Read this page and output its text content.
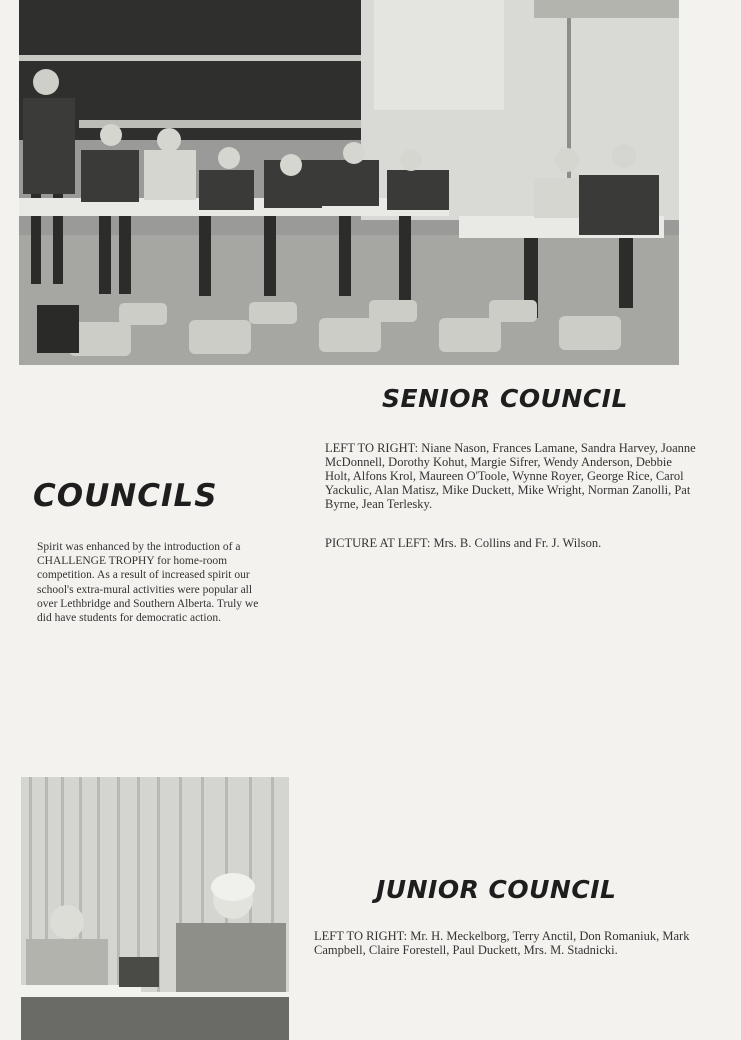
SENIOR COUNCIL

LEFT TO RIGHT: Niane Nason, Frances Lamane, Sandra Harvey, Joanne McDonnell, Dorothy Kohut, Margie Sifrer, Wendy Anderson, Debbie Holt, Alfons Krol, Maureen O'Toole, Wynne Royer, George Rice, Carol Yackulic, Alan Matisz, Mike Duckett, Mike Wright, Norman Zanolli, Pat Byrne, Jean Terlesky.

PICTURE AT LEFT: Mrs. B. Collins and Fr. J. Wilson.

COUNCILS

Spirit was enhanced by the introduction of a CHALLENGE TROPHY for home-room competition. As a result of increased spirit our school's extra-mural activities were popular all over Lethbridge and Southern Alberta. Truly we did have students for democratic action.

JUNIOR COUNCIL

LEFT TO RIGHT: Mr. H. Meckelborg, Terry Anctil, Don Romaniuk, Mark Campbell, Claire Forestell, Paul Duckett, Mrs. M. Stadnicki.
